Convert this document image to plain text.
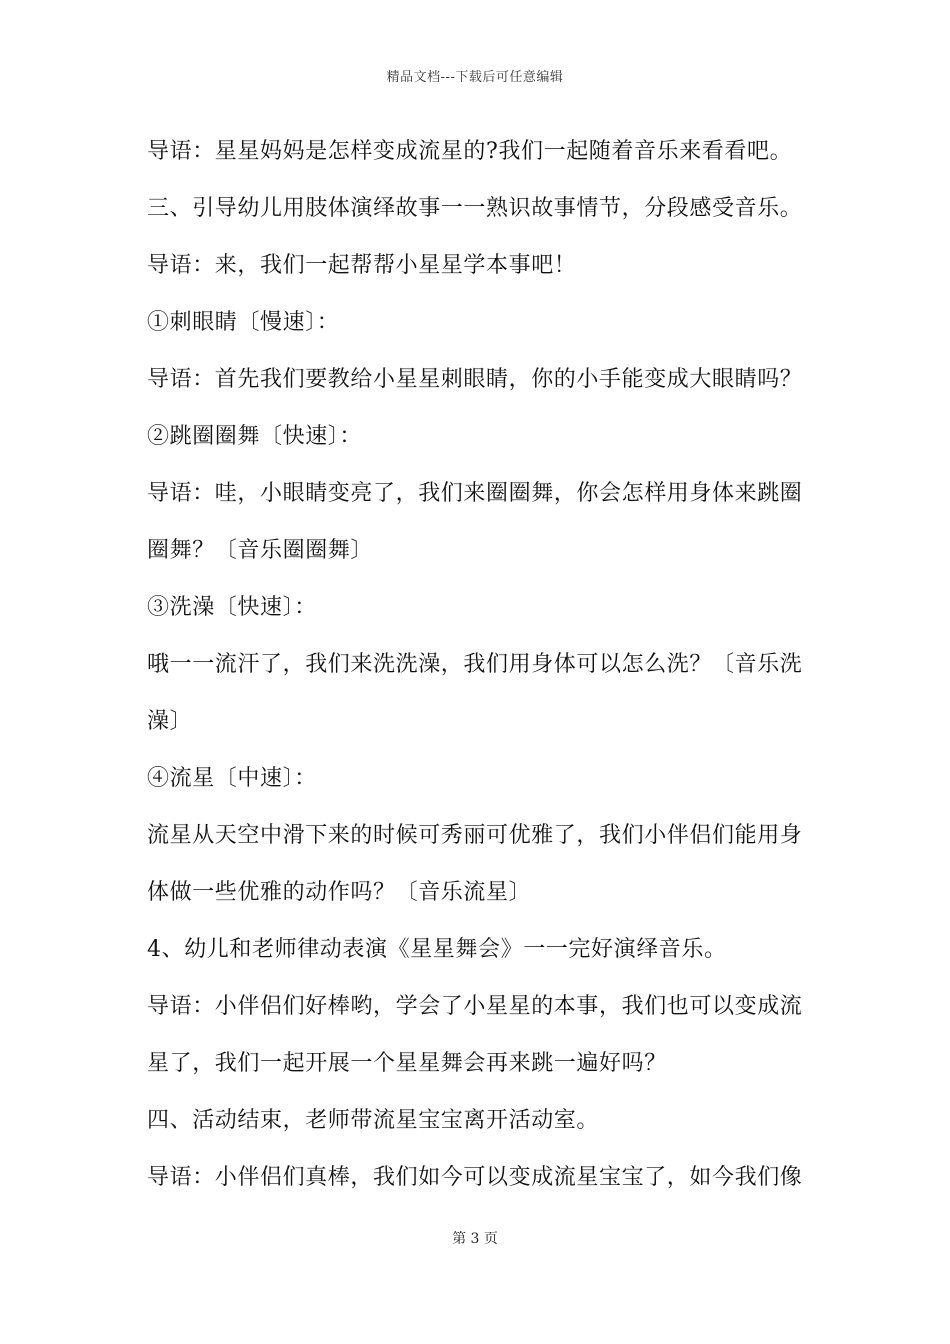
精品文档---下载后可任意编辑
导语：星星妈妈是怎样变成流星的?我们一起随着音乐来看看吧。
三、引导幼儿用肢体演绎故事一一熟识故事情节，分段感受音乐。
导语：来，我们一起帮帮小星星学本事吧！
①刺眼睛〔慢速〕：
导语：首先我们要教给小星星刺眼睛，你的小手能变成大眼睛吗？
②跳圈圈舞〔快速〕：
导语：哇，小眼睛变亮了，我们来圈圈舞，你会怎样用身体来跳圈
圈舞？〔音乐圈圈舞〕
③洗澡〔快速〕：
哦一一流汗了，我们来洗洗澡，我们用身体可以怎么洗？〔音乐洗
澡〕
④流星〔中速〕：
流星从天空中滑下来的时候可秀丽可优雅了，我们小伴侣们能用身
体做一些优雅的动作吗？〔音乐流星〕
4、幼儿和老师律动表演《星星舞会》一一完好演绎音乐。
导语：小伴侣们好棒哟，学会了小星星的本事，我们也可以变成流
星了，我们一起开展一个星星舞会再来跳一遍好吗？
四、活动结束，老师带流星宝宝离开活动室。
导语：小伴侣们真棒，我们如今可以变成流星宝宝了，如今我们像
第 3 页
